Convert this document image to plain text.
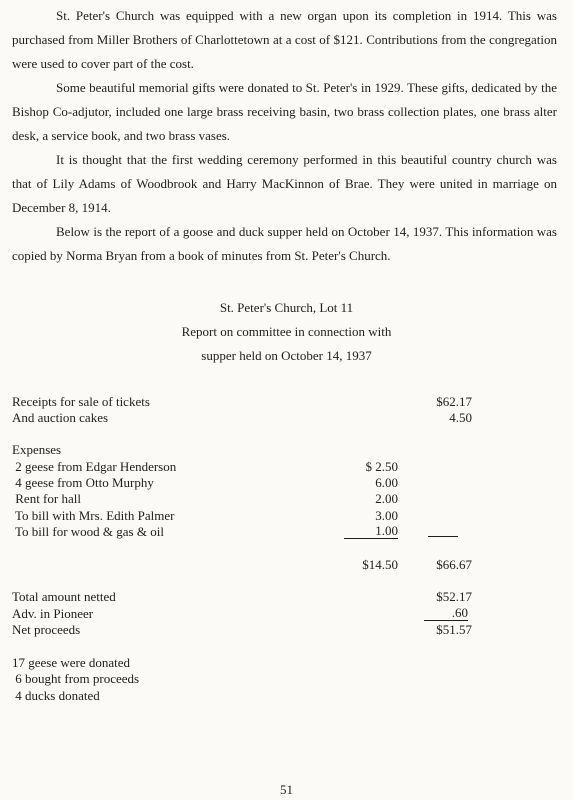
St. Peter's Church was equipped with a new organ upon its completion in 1914. This was purchased from Miller Brothers of Charlottetown at a cost of $121. Contributions from the congregation were used to cover part of the cost.

Some beautiful memorial gifts were donated to St. Peter's in 1929. These gifts, dedicated by the Bishop Co-adjutor, included one large brass receiving basin, two brass collection plates, one brass alter desk, a service book, and two brass vases.

It is thought that the first wedding ceremony performed in this beautiful country church was that of Lily Adams of Woodbrook and Harry MacKinnon of Brae. They were united in marriage on December 8, 1914.

Below is the report of a goose and duck supper held on October 14, 1937. This information was copied by Norma Bryan from a book of minutes from St. Peter's Church.

St. Peter's Church, Lot 11
Report on committee in connection with
supper held on October 14, 1937
Receipts for sale of tickets	$62.17
And auction cakes	4.50
Expenses
2 geese from Edgar Henderson	$ 2.50
4 geese from Otto Murphy	6.00
Rent for hall	2.00
To bill with Mrs. Edith Palmer	3.00
To bill for wood & gas & oil	1.00
$14.50	$66.67
Total amount netted	$52.17
Adv. in Pioneer	.60
Net proceeds	$51.57
17 geese were donated
6 bought from proceeds
4 ducks donated
51
